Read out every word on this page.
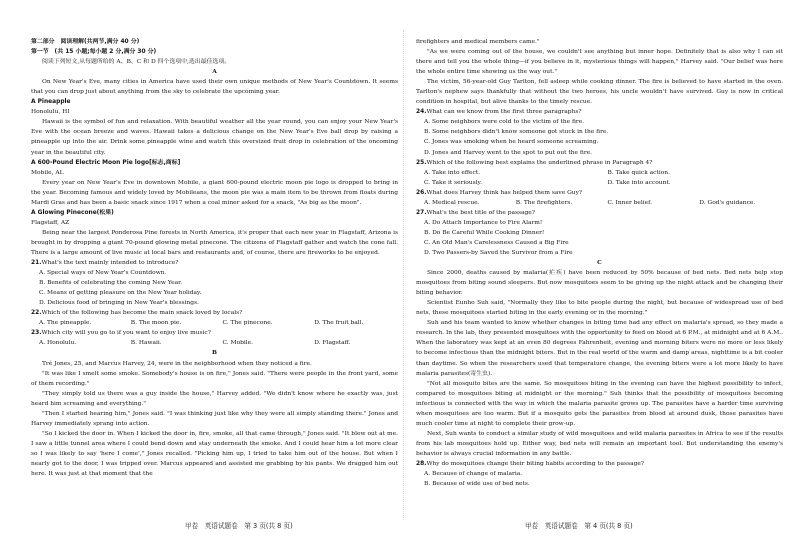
第二部分　阅读理解(共两节,满分 40 分)

第一节　(共 15 小题;每小题 2 分,满分 30 分)

阅读下列短文,从每题所给的 A、B、C 和 D 四个选项中,选出最佳选项。

A

On New Year's Eve, many cities in America have used their own unique methods of New Year's Countdown. It seems that you can drop just about anything from the sky to celebrate the upcoming year.

A Pineapple

Honolulu, HI

Hawaii is the symbol of fun and relaxation. With beautiful weather all the year round, you can enjoy your New Year's Eve with the ocean breeze and waves. Hawaii takes a delicious change on the New Year's Eve ball drop by raising a pineapple up into the air. Drink some pineapple wine and watch this oversized fruit drop in celebration of the oncoming year in the beautiful city.

A 600-Pound Electric Moon Pie logo[标志,商标]

Mobile, AL

Every year on New Year's Eve in downtown Mobile, a giant 600-pound electric moon pie logo is dropped to bring in the year. Becoming famous and widely loved by Mobileans, the moon pie was a main item to be thrown from floats during Mardi Gras and has been a basic snack since 1917 when a coal miner asked for a snack, "As big as the moon".

A Glowing Pinecone(松果)

Flagstaff, AZ

Being near the largest Ponderosa Pine forests in North America, it's proper that each new year in Flagstaff, Arizona is brought in by dropping a giant 70-pound glowing metal pinecone. The citizens of Flagstaff gather and watch the cone fall. There is a large amount of live music at local bars and restaurants and, of course, there are fireworks to be enjoyed.

21.What's the text mainly intended to introduce?

A. Special ways of New Year's Countdown.

B. Benefits of celebrating the coming New Year.

C. Means of getting pleasure on the New Year holiday.

D. Delicious food of bringing in New Year's blessings.

22.Which of the following has become the main snack loved by locals?

A. The pineapple.	B. The moon pie.	C. The pinecone.	D. The fruit ball.

23.Which city will you go to if you want to enjoy live music?

A. Honolulu.	B. Hawaii.	C. Mobile.	D. Flagstaff.

B

Tré Jones, 25, and Marcus Harvey, 24, were in the neighborhood when they noticed a fire.

"It was like I smelt some smoke. Somebody's house is on fire," Jones said. "There were people in the front yard, some of them recording."

"They simply told us there was a guy inside the house," Harvey added. "We didn't know where he exactly was, just heard him screaming and everything."

"Then I started hearing him," Jones said. "I was thinking just like why they were all simply standing there." Jones and Harvey immediately sprang into action.

"So I kicked the door in. When I kicked the door in, fire, smoke, all that came through," Jones said. "It blew out at me. I saw a little tunnel area where I could bend down and stay underneath the smoke. And I could hear him a lot more clear so I was likely to say 'here I come'," Jones recalled. "Picking him up, I tried to take him out of the house. But when I nearly got to the door, I was tripped over. Marcus appeared and assisted me grabbing by his pants. We dragged him out here. It was just at that moment that the

firefighters and medical members came."

"As we were coming out of the house, we couldn't see anything but inner hope. Definitely that is also why I can sit there and tell you the whole thing—if you believe in it, mysterious things will happen," Harvey said. "Our belief was here the whole entire time showing us the way out."

The victim, 56-year-old Guy Tarlton, fell asleep while cooking dinner. The fire is believed to have started in the oven. Tarlton's nephew says thankfully that without the two heroes, his uncle wouldn't have survived. Guy is now in critical condition in hospital, but alive thanks to the timely rescue.

24.What can we know from the first three paragraphs?

A. Some neighbors were cold to the victim of the fire.

B. Some neighbors didn't know someone got stuck in the fire.

C. Jones was smoking when he heard someone screaming.

D. Jones and Harvey went to the spot to put out the fire.

25.Which of the following best explains the underlined phrase in Paragraph 4?

A. Take into effect.	B. Take quick action.
C. Take it seriously.	D. Take into account.

26.What does Harvey think has helped them save Guy?

A. Medical rescue.	B. The firefighters.	C. Inner belief.	D. God's guidance.

27.What's the best title of the passage?

A. Do Attach Importance to Fire Alarm!

B. Do Be Careful While Cooking Dinner!

C. An Old Man's Carelessness Caused a Big Fire

D. Two Passers-by Saved the Survivor from a Fire

C

Since 2000, deaths caused by malaria(疟疾) have been reduced by 50% because of bed nets. Bed nets help stop mosquitoes from biting sound sleepers. But now mosquitoes seem to be giving up the night attack and be changing their biting behavior.

Scientist Eunho Suh said, "Normally they like to bite people during the night, but because of widespread use of bed nets, these mosquitoes started biting in the early evening or in the morning."

Suh and his team wanted to know whether changes in biting time had any effect on malaria's spread, so they made a research. In the lab, they presented mosquitoes with the opportunity to feed on blood at 6 P.M., at midnight and at 6 A.M.. When the laboratory was kept at an even 80 degrees Fahrenheit, evening and morning biters were no more or less likely to become infectious than the midnight biters. But in the real world of the warm and damp areas, nighttime is a bit cooler than daytime. So when the researchers used that temperature change, the evening biters were a lot more likely to have malaria parasites(寄生虫).

"Not all mosquito bites are the same. So mosquitoes biting in the evening can have the highest possibility to infect, compared to mosquitoes biting at midnight or the morning." Suh thinks that the possibility of mosquitoes becoming infectious is connected with the way in which the malaria parasite grows up. The parasites have a harder time surviving when mosquitoes are too warm. But if a mosquito gets the parasites from blood at around dusk, those parasites have much cooler time at night to complete their grow-up.

Next, Suh wants to conduct a similar study of wild mosquitoes and wild malaria parasites in Africa to see if the results from his lab mosquitoes hold up. Either way, bed nets will remain an important tool. But understanding the enemy's behavior is always crucial information in any battle.

28.Why do mosquitoes change their biting habits according to the passage?

A. Because of change of malaria.

B. Because of wide use of bed nets.

甲卷　英语试题卷　第 3 页(共 8 页)	甲卷　英语试题卷　第 4 页(共 8 页)
